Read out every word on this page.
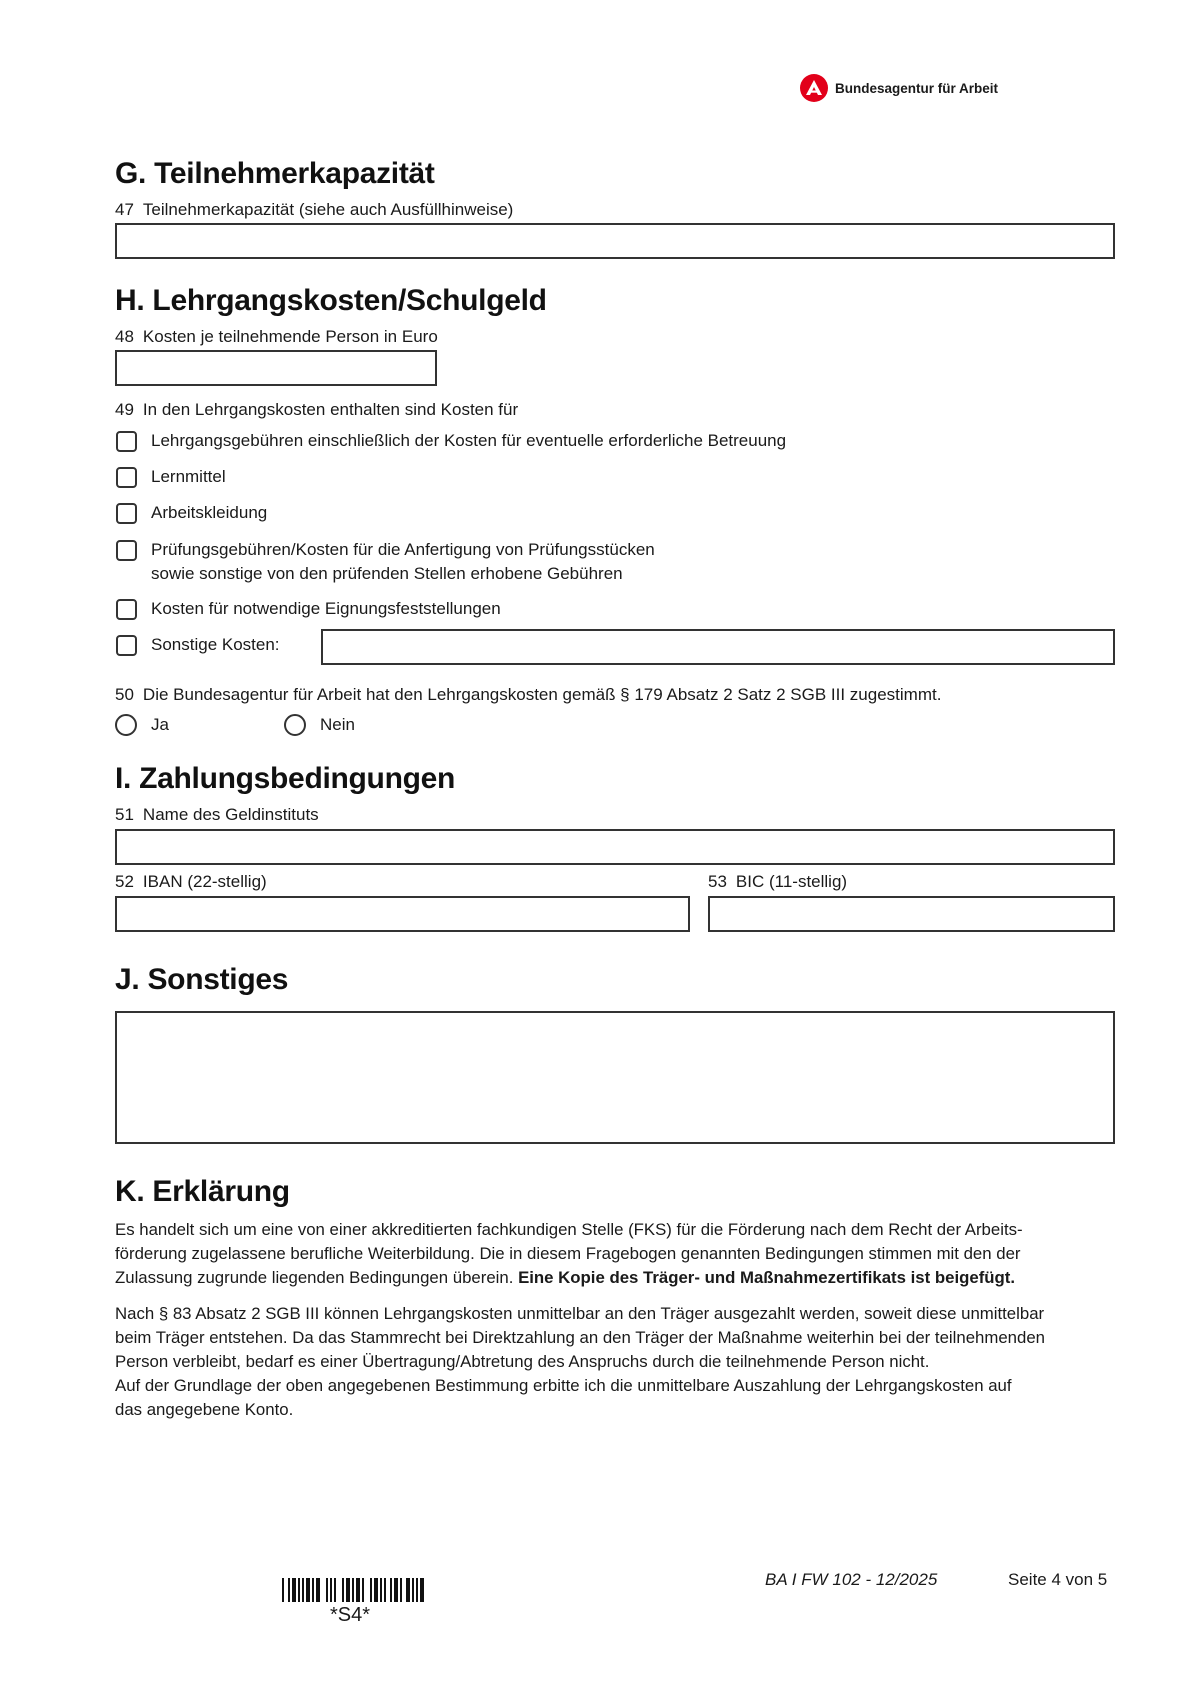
Bundesagentur für Arbeit
G. Teilnehmerkapazität
47 Teilnehmerkapazität (siehe auch Ausfüllhinweise)
H. Lehrgangskosten/Schulgeld
48 Kosten je teilnehmende Person in Euro
49 In den Lehrgangskosten enthalten sind Kosten für
Lehrgangsgebühren einschließlich der Kosten für eventuelle erforderliche Betreuung
Lernmittel
Arbeitskleidung
Prüfungsgebühren/Kosten für die Anfertigung von Prüfungsstücken
sowie sonstige von den prüfenden Stellen erhobene Gebühren
Kosten für notwendige Eignungsfeststellungen
Sonstige Kosten:
50 Die Bundesagentur für Arbeit hat den Lehrgangskosten gemäß § 179 Absatz 2 Satz 2 SGB III zugestimmt.
Ja	Nein
I. Zahlungsbedingungen
51 Name des Geldinstituts
52 IBAN (22-stellig)	53 BIC (11-stellig)
J. Sonstiges
K. Erklärung
Es handelt sich um eine von einer akkreditierten fachkundigen Stelle (FKS) für die Förderung nach dem Recht der Arbeits-
förderung zugelassene berufliche Weiterbildung. Die in diesem Fragebogen genannten Bedingungen stimmen mit den der
Zulassung zugrunde liegenden Bedingungen überein. Eine Kopie des Träger- und Maßnahmezertifikats ist beigefügt.
Nach § 83 Absatz 2 SGB III können Lehrgangskosten unmittelbar an den Träger ausgezahlt werden, soweit diese unmittelbar
beim Träger entstehen. Da das Stammrecht bei Direktzahlung an den Träger der Maßnahme weiterhin bei der teilnehmenden
Person verbleibt, bedarf es einer Übertragung/Abtretung des Anspruchs durch die teilnehmende Person nicht.
Auf der Grundlage der oben angegebenen Bestimmung erbitte ich die unmittelbare Auszahlung der Lehrgangskosten auf
das angegebene Konto.
*S4*
BA I FW 102 - 12/2025	Seite 4 von 5
